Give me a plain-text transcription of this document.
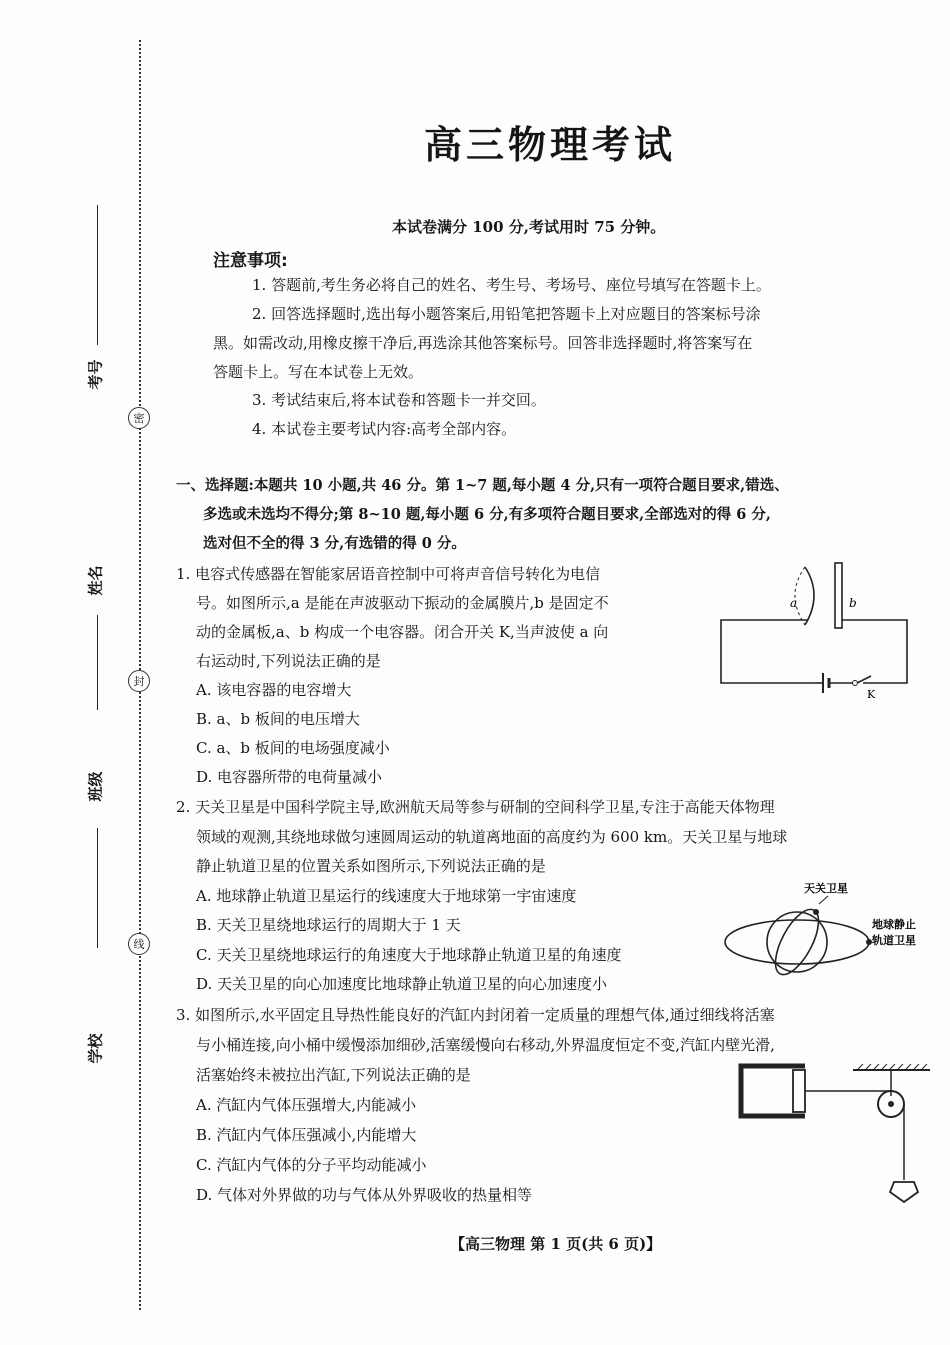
密
封
线
考号
姓名
班级
学校
高三物理考试
本试卷满分 100 分,考试用时 75 分钟。
注意事项:
1. 答题前,考生务必将自己的姓名、考生号、考场号、座位号填写在答题卡上。
2. 回答选择题时,选出每小题答案后,用铅笔把答题卡上对应题目的答案标号涂
黑。如需改动,用橡皮擦干净后,再选涂其他答案标号。回答非选择题时,将答案写在
答题卡上。写在本试卷上无效。
3. 考试结束后,将本试卷和答题卡一并交回。
4. 本试卷主要考试内容:高考全部内容。
一、选择题:本题共 10 小题,共 46 分。第 1~7 题,每小题 4 分,只有一项符合题目要求,错选、
多选或未选均不得分;第 8~10 题,每小题 6 分,有多项符合题目要求,全部选对的得 6 分,
选对但不全的得 3 分,有选错的得 0 分。
1. 电容式传感器在智能家居语音控制中可将声音信号转化为电信
号。如图所示,a 是能在声波驱动下振动的金属膜片,b 是固定不
动的金属板,a、b 构成一个电容器。闭合开关 K,当声波使 a 向
右运动时,下列说法正确的是
A. 该电容器的电容增大
B. a、b 板间的电压增大
C. a、b 板间的电场强度减小
D. 电容器所带的电荷量减小
a	b
K
2. 天关卫星是中国科学院主导,欧洲航天局等参与研制的空间科学卫星,专注于高能天体物理
领域的观测,其绕地球做匀速圆周运动的轨道离地面的高度约为 600 km。天关卫星与地球
静止轨道卫星的位置关系如图所示,下列说法正确的是
A. 地球静止轨道卫星运行的线速度大于地球第一宇宙速度
B. 天关卫星绕地球运行的周期大于 1 天
C. 天关卫星绕地球运行的角速度大于地球静止轨道卫星的角速度
D. 天关卫星的向心加速度比地球静止轨道卫星的向心加速度小
天关卫星
地球静止
轨道卫星
3. 如图所示,水平固定且导热性能良好的汽缸内封闭着一定质量的理想气体,通过细线将活塞
与小桶连接,向小桶中缓慢添加细砂,活塞缓慢向右移动,外界温度恒定不变,汽缸内壁光滑,
活塞始终未被拉出汽缸,下列说法正确的是
A. 汽缸内气体压强增大,内能减小
B. 汽缸内气体压强减小,内能增大
C. 汽缸内气体的分子平均动能减小
D. 气体对外界做的功与气体从外界吸收的热量相等
【高三物理 第 1 页(共 6 页)】
